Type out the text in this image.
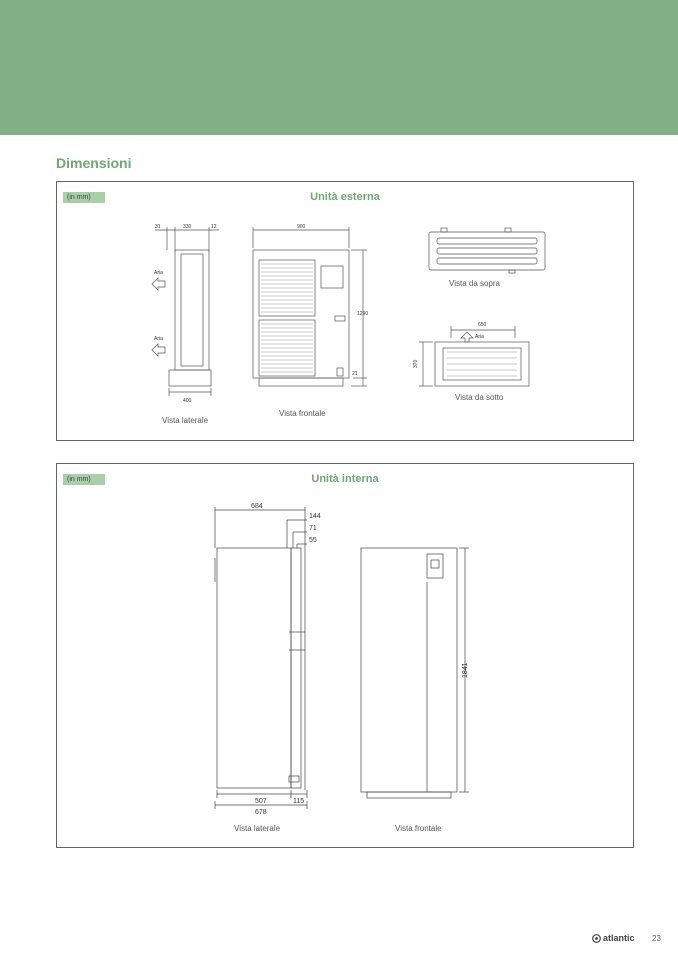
Dimensioni
(in mm)	Unità esterna
31	330	12	900
1290
21
400
650
370
Aria
Aria	Aria
Vista laterale
Vista frontale
Vista da sopra
Vista da sotto
(in mm)	Unità interna
684
144
71
55
507	115
678
1841
Vista laterale	Vista frontale
atlantic 23
